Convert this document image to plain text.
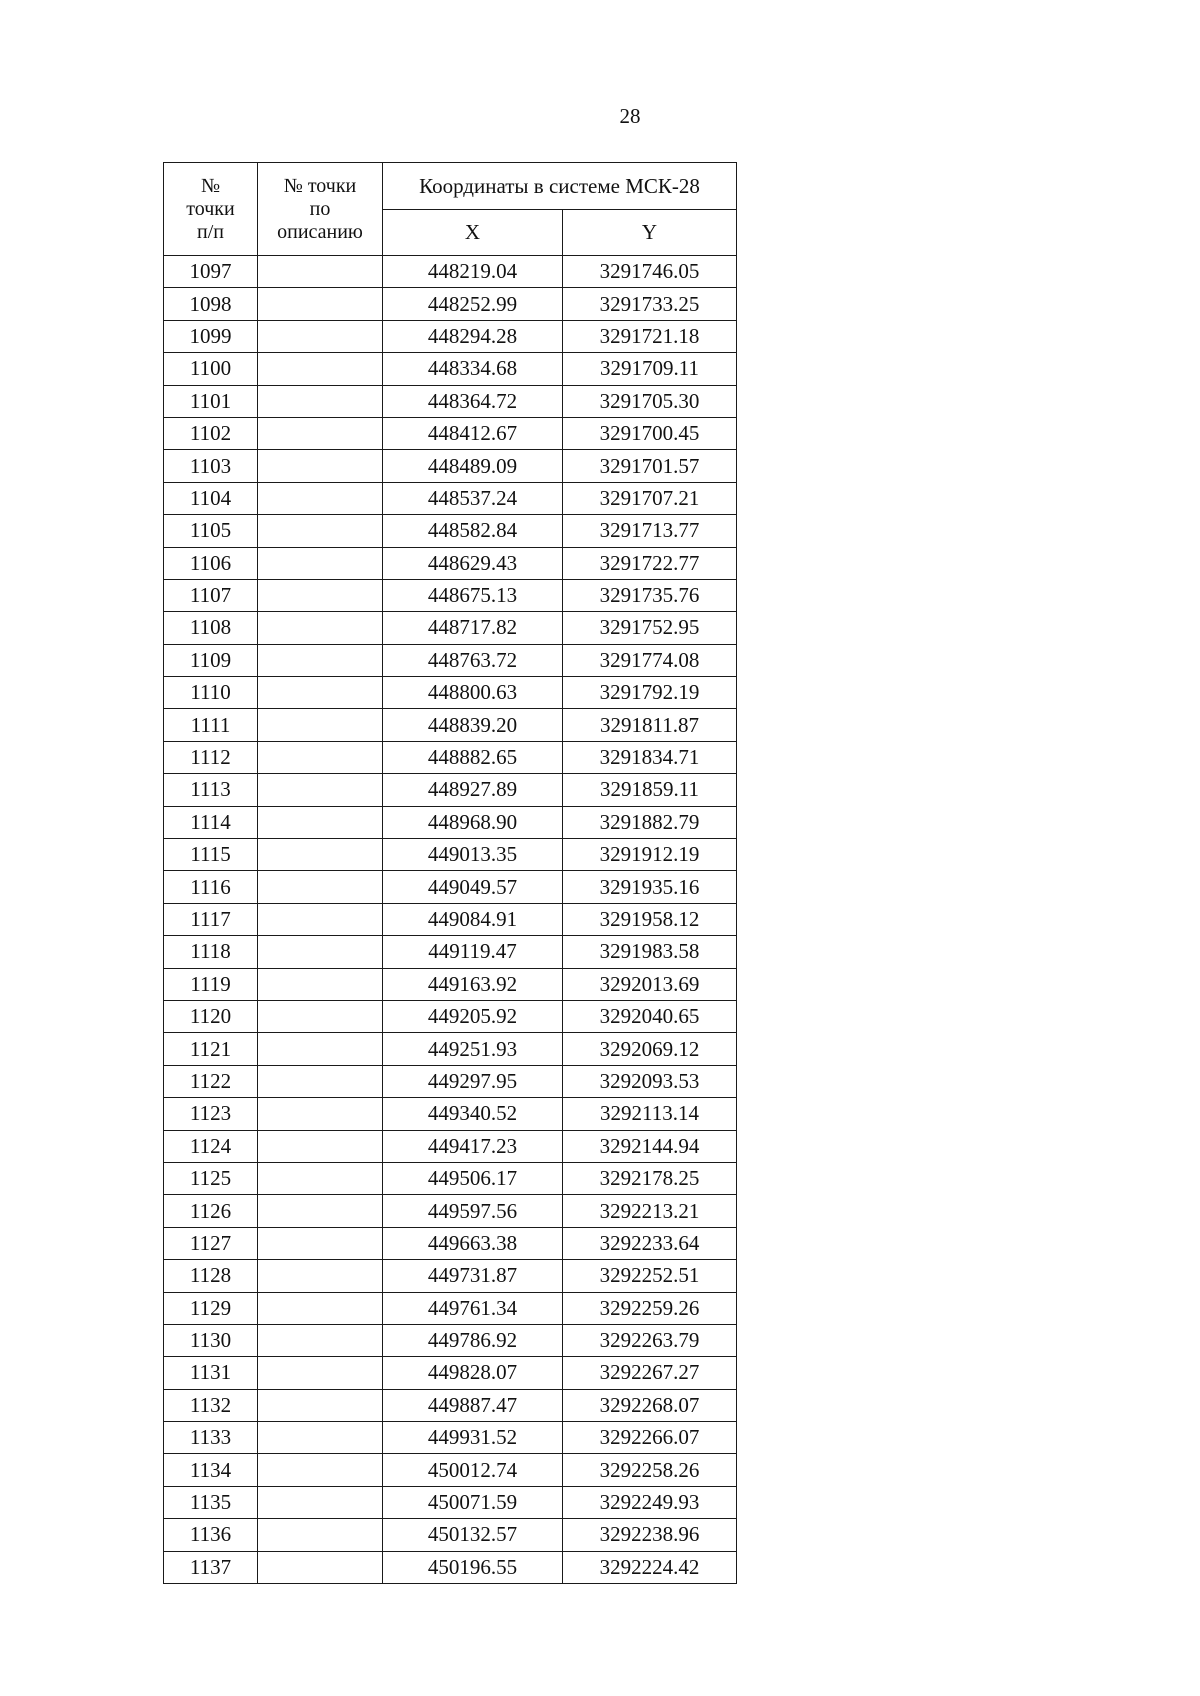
28
№
точки
п/п	№ точки
по
описанию	Координаты в системе МСК-28	
		X	Y
1097		448219.04	3291746.05
1098		448252.99	3291733.25
1099		448294.28	3291721.18
1100		448334.68	3291709.11
1101		448364.72	3291705.30
1102		448412.67	3291700.45
1103		448489.09	3291701.57
1104		448537.24	3291707.21
1105		448582.84	3291713.77
1106		448629.43	3291722.77
1107		448675.13	3291735.76
1108		448717.82	3291752.95
1109		448763.72	3291774.08
1110		448800.63	3291792.19
1111		448839.20	3291811.87
1112		448882.65	3291834.71
1113		448927.89	3291859.11
1114		448968.90	3291882.79
1115		449013.35	3291912.19
1116		449049.57	3291935.16
1117		449084.91	3291958.12
1118		449119.47	3291983.58
1119		449163.92	3292013.69
1120		449205.92	3292040.65
1121		449251.93	3292069.12
1122		449297.95	3292093.53
1123		449340.52	3292113.14
1124		449417.23	3292144.94
1125		449506.17	3292178.25
1126		449597.56	3292213.21
1127		449663.38	3292233.64
1128		449731.87	3292252.51
1129		449761.34	3292259.26
1130		449786.92	3292263.79
1131		449828.07	3292267.27
1132		449887.47	3292268.07
1133		449931.52	3292266.07
1134		450012.74	3292258.26
1135		450071.59	3292249.93
1136		450132.57	3292238.96
1137		450196.55	3292224.42
